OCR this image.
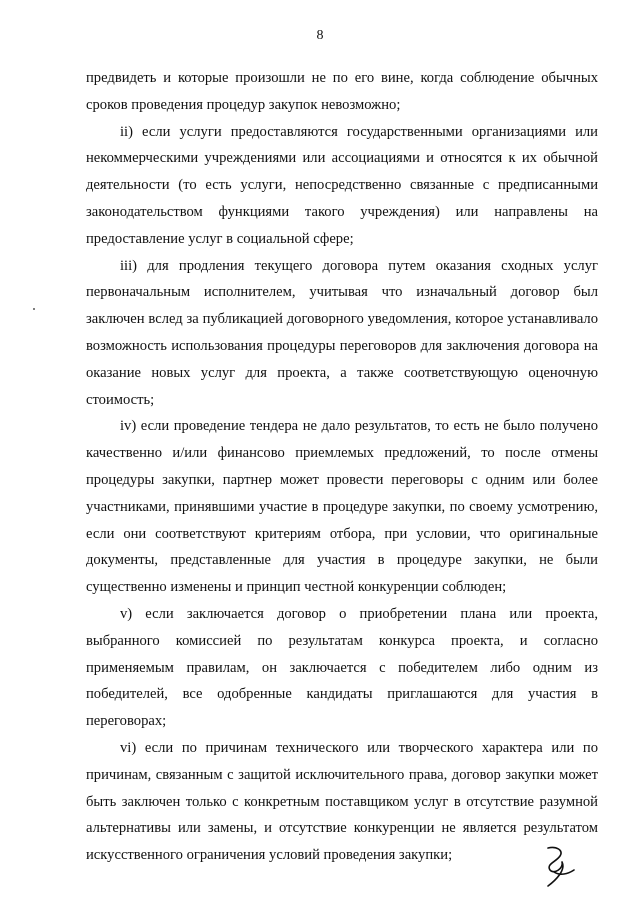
8

предвидеть и которые произошли не по его вине, когда соблюдение обычных сроков проведения процедур закупок невозможно;

ii) если услуги предоставляются государственными организациями или некоммерческими учреждениями или ассоциациями и относятся к их обычной деятельности (то есть услуги, непосредственно связанные с предписанными законодательством функциями такого учреждения) или направлены на предоставление услуг в социальной сфере;

iii) для продления текущего договора путем оказания сходных услуг первоначальным исполнителем, учитывая что изначальный договор был заключен вслед за публикацией договорного уведомления, которое устанавливало возможность использования процедуры переговоров для заключения договора на оказание новых услуг для проекта, а также соответствующую оценочную стоимость;

iv) если проведение тендера не дало результатов, то есть не было получено качественно и/или финансово приемлемых предложений, то после отмены процедуры закупки, партнер может провести переговоры с одним или более участниками, принявшими участие в процедуре закупки, по своему усмотрению, если они соответствуют критериям отбора, при условии, что оригинальные документы, представленные для участия в процедуре закупки, не были существенно изменены и принцип честной конкуренции соблюден;

v) если заключается договор о приобретении плана или проекта, выбранного комиссией по результатам конкурса проекта, и согласно применяемым правилам, он заключается с победителем либо одним из победителей, все одобренные кандидаты приглашаются для участия в переговорах;

vi) если по причинам технического или творческого характера или по причинам, связанным с защитой исключительного права, договор закупки может быть заключен только с конкретным поставщиком услуг в отсутствие разумной альтернативы или замены, и отсутствие конкуренции не является результатом искусственного ограничения условий проведения закупки;
